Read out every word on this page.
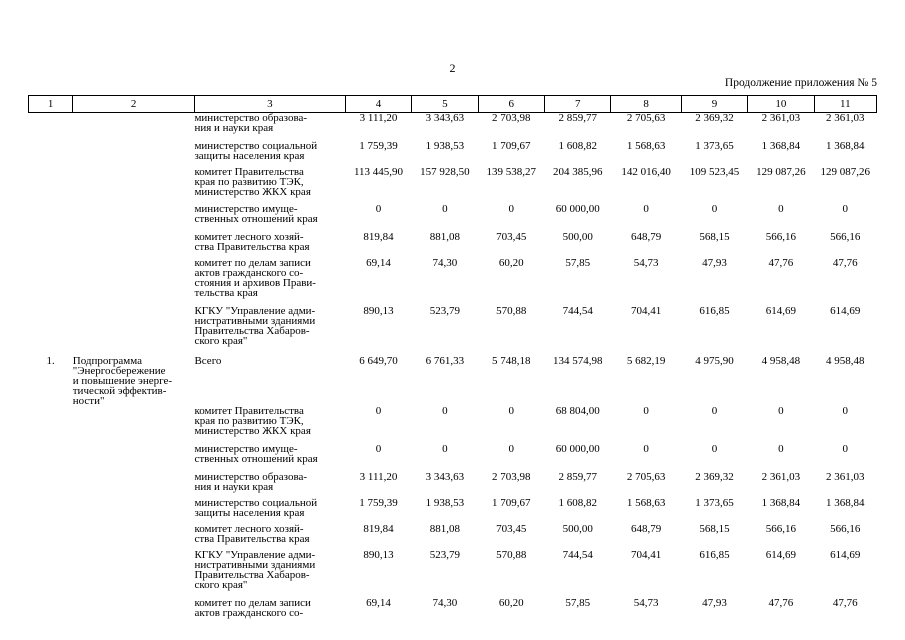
2
Продолжение приложения № 5
1	2	3	4	5	6	7	8	9	10	11

		министерство образова-
ния и науки края	3 111,20	3 343,63	2 703,98	2 859,77	2 705,63	2 369,32	2 361,03	2 361,03

		министерство социальной
защиты населения края	1 759,39	1 938,53	1 709,67	1 608,82	1 568,63	1 373,65	1 368,84	1 368,84

		комитет Правительства
края по развитию ТЭК,
министерство ЖКХ края	113 445,90	157 928,50	139 538,27	204 385,96	142 016,40	109 523,45	129 087,26	129 087,26

		министерство имуще-
ственных отношений края	0	0	0	60 000,00	0	0	0	0

		комитет лесного хозяй-
ства Правительства края	819,84	881,08	703,45	500,00	648,79	568,15	566,16	566,16

		комитет по делам записи
актов гражданского со-
стояния и архивов Прави-
тельства края	69,14	74,30	60,20	57,85	54,73	47,93	47,76	47,76

		КГКУ "Управление адми-
нистративными зданиями
Правительства Хабаров-
ского края"	890,13	523,79	570,88	744,54	704,41	616,85	614,69	614,69
1.	Подпрограмма
"Энергосбережение
и повышение энерге-
тической эффектив-
ности"	Всего	6 649,70	6 761,33	5 748,18	134 574,98	5 682,19	4 975,90	4 958,48	4 958,48

		комитет Правительства
края по развитию ТЭК,
министерство ЖКХ края	0	0	0	68 804,00	0	0	0	0

		министерство имуще-
ственных отношений края	0	0	0	60 000,00	0	0	0	0

		министерство образова-
ния и науки края	3 111,20	3 343,63	2 703,98	2 859,77	2 705,63	2 369,32	2 361,03	2 361,03

		министерство социальной
защиты населения края	1 759,39	1 938,53	1 709,67	1 608,82	1 568,63	1 373,65	1 368,84	1 368,84

		комитет лесного хозяй-
ства Правительства края	819,84	881,08	703,45	500,00	648,79	568,15	566,16	566,16

		КГКУ "Управление адми-
нистративными зданиями
Правительства Хабаров-
ского края"	890,13	523,79	570,88	744,54	704,41	616,85	614,69	614,69

		комитет по делам записи
актов гражданского со-	69,14	74,30	60,20	57,85	54,73	47,93	47,76	47,76
